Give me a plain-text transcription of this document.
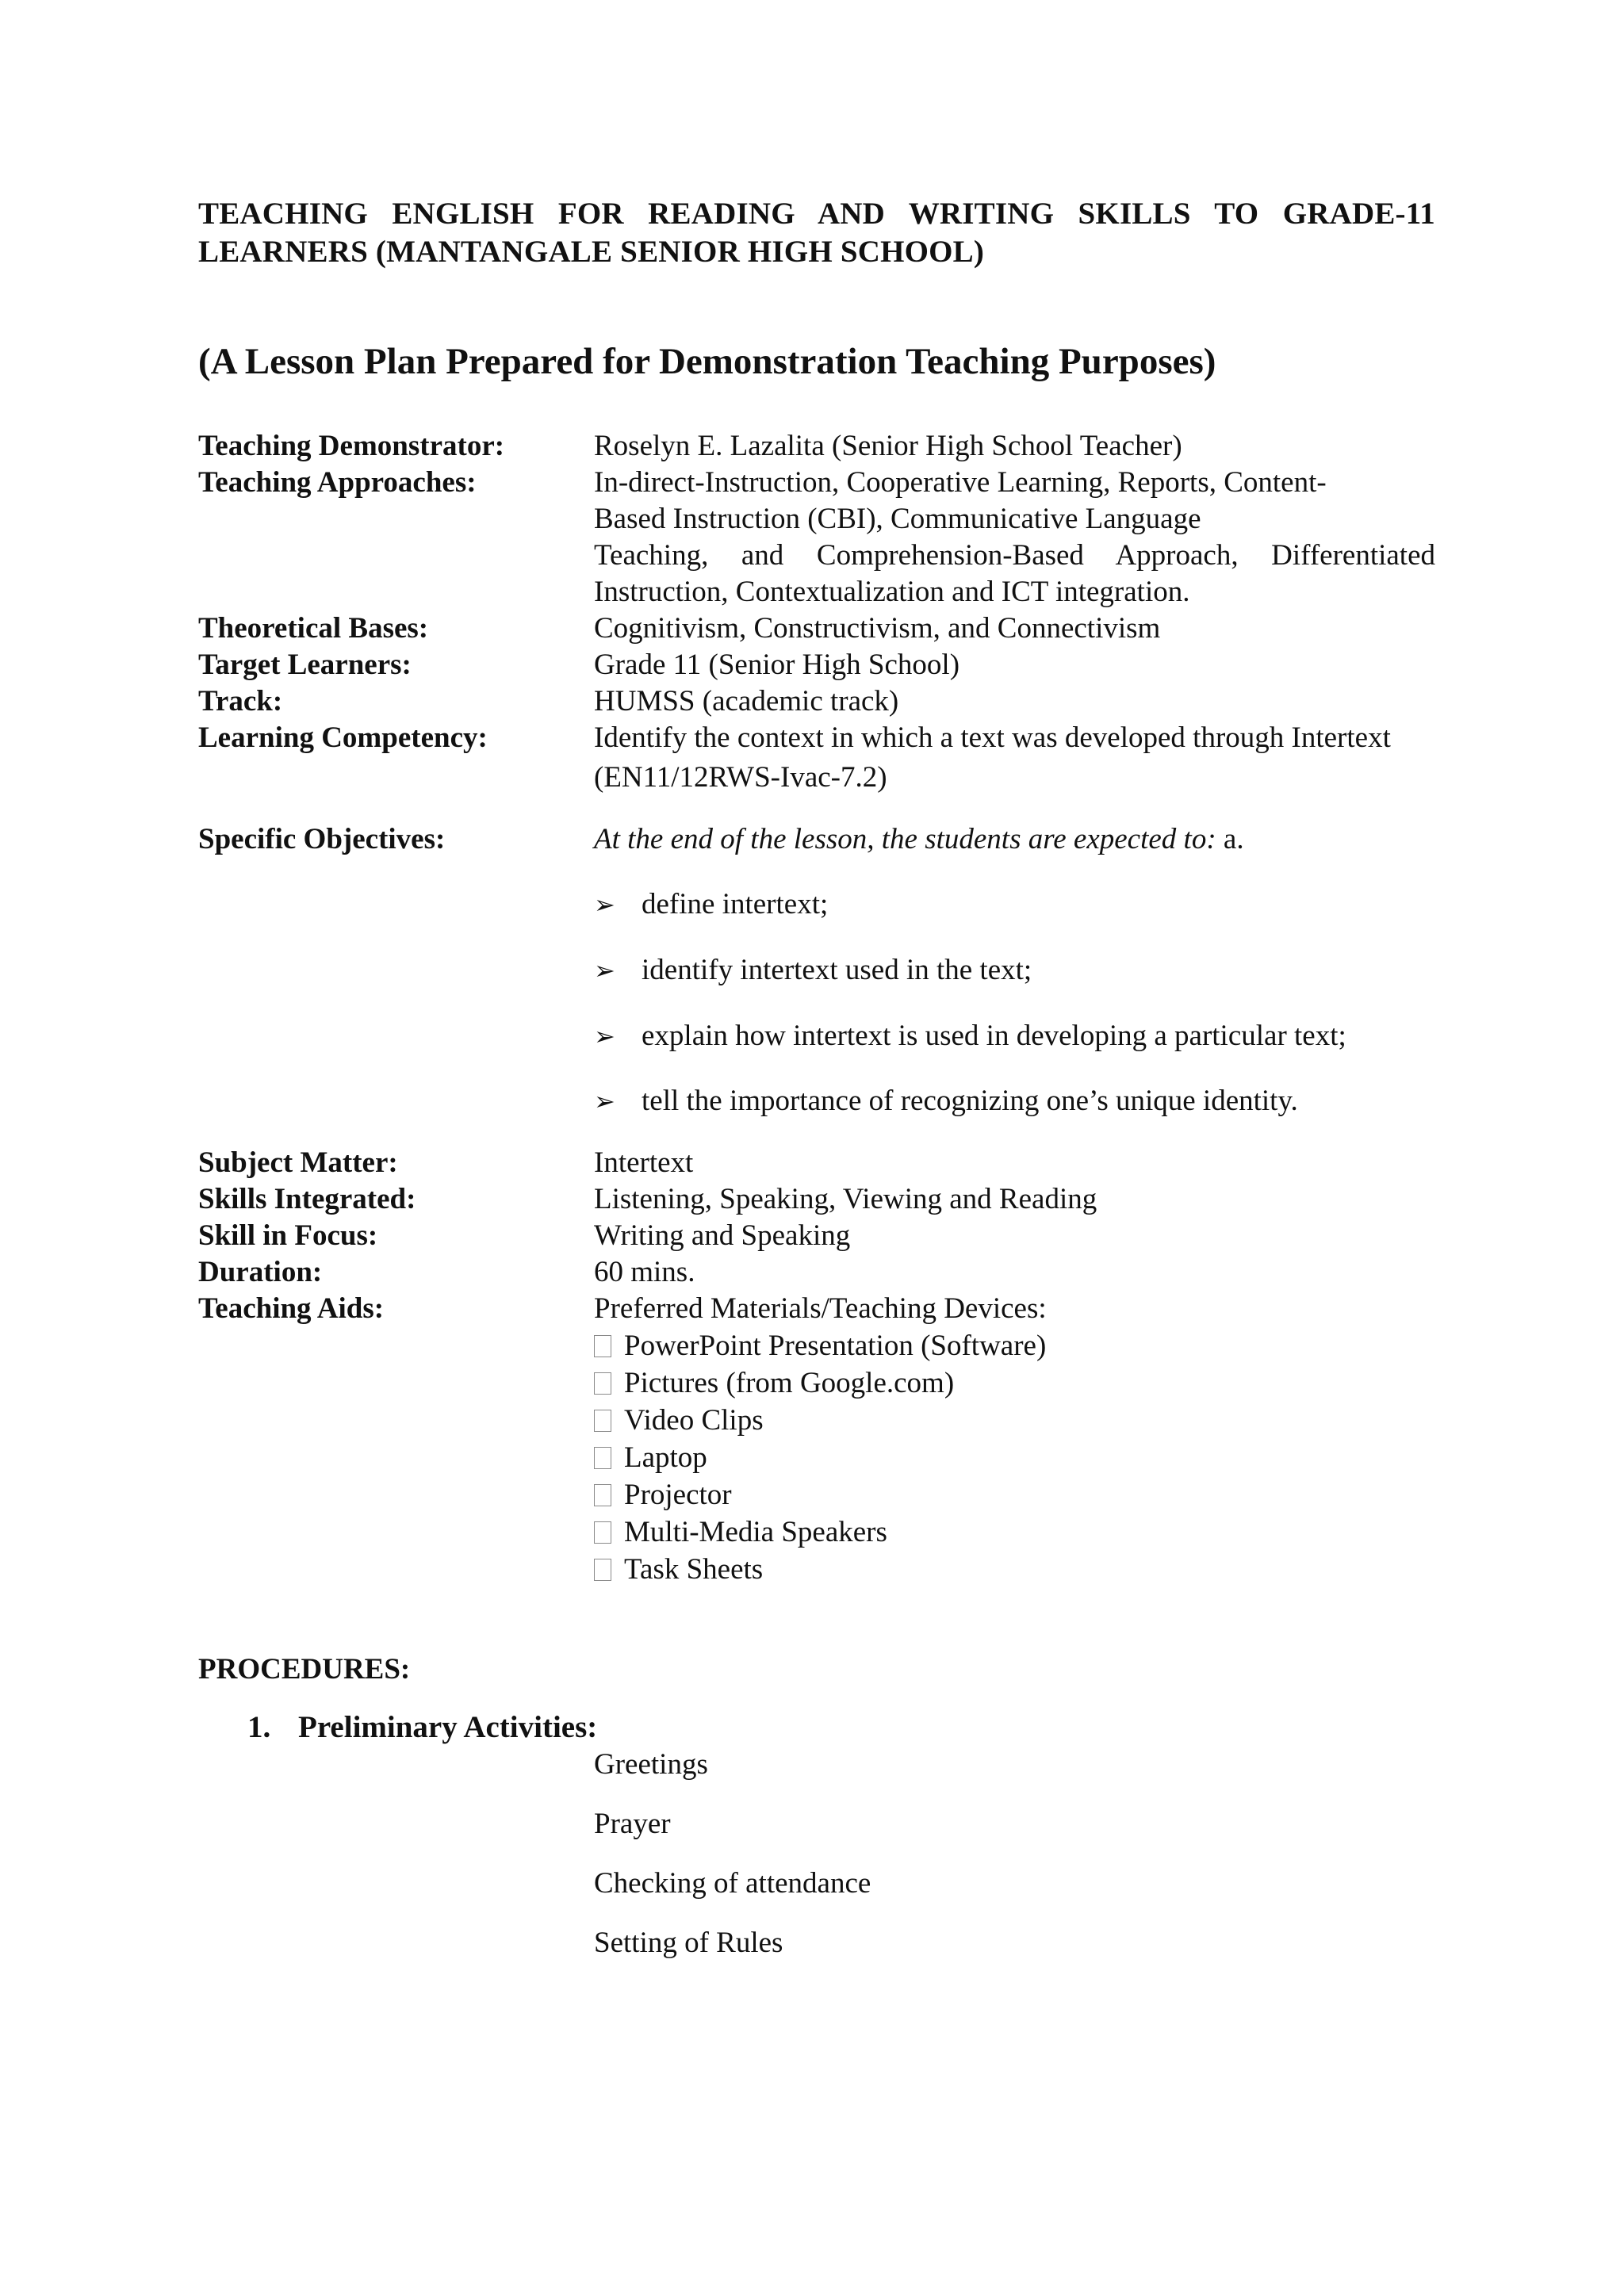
TEACHING ENGLISH FOR READING AND WRITING SKILLS TO GRADE-11
LEARNERS (MANTANGALE SENIOR HIGH SCHOOL)
(A Lesson Plan Prepared for Demonstration Teaching Purposes)
Teaching Demonstrator:	Roselyn E. Lazalita (Senior High School Teacher)
Teaching Approaches:	In-direct-Instruction, Cooperative Learning, Reports, Content-
Based Instruction (CBI), Communicative Language
Teaching, and Comprehension-Based Approach, Differentiated
Instruction, Contextualization and ICT integration.
Theoretical Bases:	Cognitivism, Constructivism, and Connectivism
Target Learners:	Grade 11 (Senior High School)
Track:	HUMSS (academic track)
Learning Competency:	Identify the context in which a text was developed through Intertext
(EN11/12RWS-Ivac-7.2)
Specific Objectives:	At the end of the lesson, the students are expected to: a.
➢ define intertext;
➢ identify intertext used in the text;
➢ explain how intertext is used in developing a particular text;
➢ tell the importance of recognizing one’s unique identity.
Subject Matter:	Intertext
Skills Integrated:	Listening, Speaking, Viewing and Reading
Skill in Focus:	Writing and Speaking
Duration:	60 mins.
Teaching Aids:	Preferred Materials/Teaching Devices:
PowerPoint Presentation (Software)
Pictures (from Google.com)
Video Clips
Laptop
Projector
Multi-Media Speakers
Task Sheets
PROCEDURES:
1. Preliminary Activities:
Greetings
Prayer
Checking of attendance
Setting of Rules
